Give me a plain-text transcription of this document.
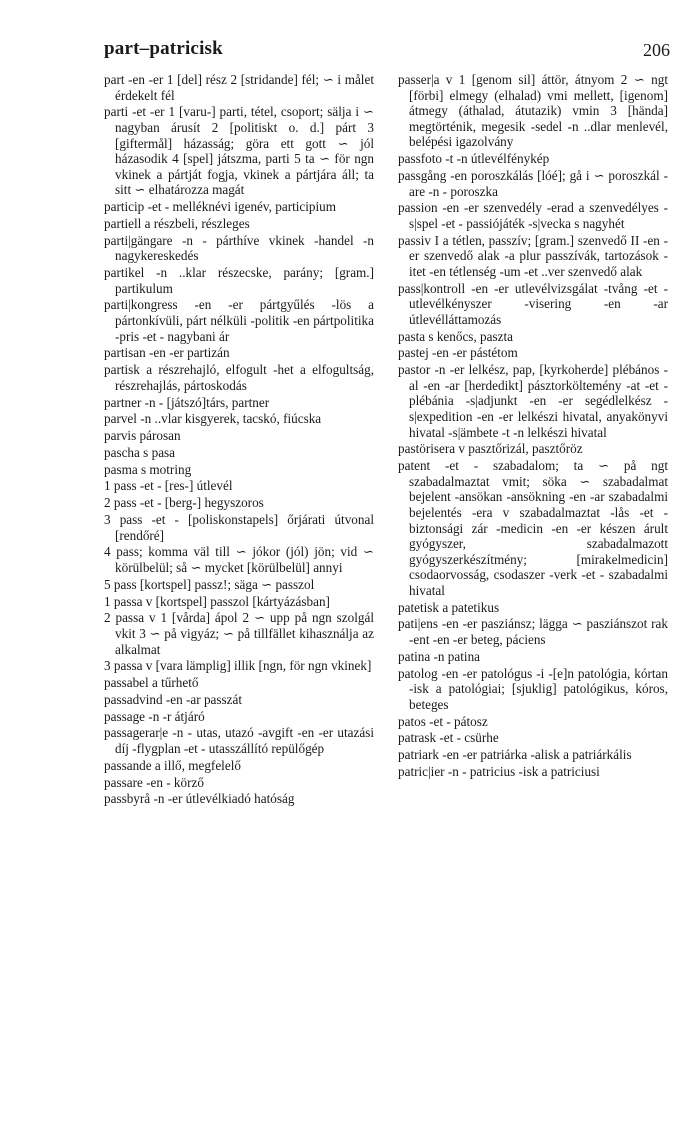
part–patricisk	206

part -en -er 1 [del] rész 2 [stridande] fél; ∽ i målet érdekelt fél

parti -et -er 1 [varu-] parti, tétel, csoport; sälja i ∽ nagyban árusít 2 [politiskt o. d.] párt 3 [giftermål] házasság; göra ett gott ∽ jól házasodik 4 [spel] játszma, parti 5 ta ∽ för ngn vkinek a pártját fogja, vkinek a pártjára áll; ta sitt ∽ elhatározza magát

particip -et - melléknévi igenév, participium

partiell a részbeli, részleges

parti|gängare -n - párthíve vkinek -handel -n nagykereskedés

partikel -n ..klar részecske, parány; [gram.] partikulum

parti|kongress -en -er pártgyűlés -lös a pártonkívüli, párt nélküli -politik -en pártpolitika -pris -et - nagybani ár

partisan -en -er partizán

partisk a részrehajló, elfogult -het a elfogultság, részrehajlás, pártoskodás

partner -n - [játszó]társ, partner

parvel -n ..vlar kisgyerek, tacskó, fiúcska

parvis párosan

pascha s pasa

pasma s motring

1 pass -et - [res-] útlevél

2 pass -et - [berg-] hegyszoros

3 pass -et - [poliskonstapels] őrjárati útvonal [rendőré]

4 pass; komma väl till ∽ jókor (jól) jön; vid ∽ körülbelül; så ∽ mycket [körülbelül] annyi

5 pass [kortspel] passz!; säga ∽ passzol

1 passa v [kortspel] passzol [kártyázásban]

2 passa v 1 [vårda] ápol 2 ∽ upp på ngn szolgál vkit 3 ∽ på vigyáz; ∽ på tillfället kihasználja az alkalmat

3 passa v [vara lämplig] illik [ngn, för ngn vkinek]

passabel a tűrhető

passadvind -en -ar passzát

passage -n -r átjáró

passagerar|e -n - utas, utazó -avgift -en -er utazási díj -flygplan -et - utasszállító repülőgép

passande a illő, megfelelő

passare -en - körző

passbyrå -n -er útlevélkiadó hatóság

passer|a v 1 [genom sil] áttör, átnyom 2 ∽ ngt [förbi] elmegy (elhalad) vmi mellett, [igenom] átmegy (áthalad, átutazik) vmin 3 [hända] megtörténik, megesik -sedel -n ..dlar menlevél, belépési igazolvány

passfoto -t -n útlevélfénykép

passgång -en poroszkálás [lóé]; gå i ∽ poroszkál -are -n - poroszka

passion -en -er szenvedély -erad a szenvedélyes -s|spel -et - passiójáték -s|vecka s nagyhét

passiv I a tétlen, passzív; [gram.] szenvedő II -en -er szenvedő alak -a plur passzívák, tartozások -itet -en tétlenség -um -et ..ver szenvedő alak

pass|kontroll -en -er utlevélvizsgálat -tvång -et - utlevélkényszer -visering -en -ar útlevélláttamozás

pasta s kenőcs, paszta

pastej -en -er pástétom

pastor -n -er lelkész, pap, [kyrkoherde] plébános -al -en -ar [herdedikt] pásztorköltemény -at -et - plébánia -s|adjunkt -en -er segédlelkész -s|expedition -en -er lelkészi hivatal, anyakönyvi hivatal -s|ämbete -t -n lelkészi hivatal

pastörisera v pasztőrizál, pasztőröz

patent -et - szabadalom; ta ∽ på ngt szabadalmaztat vmit; söka ∽ szabadalmat bejelent -ansökan -ansökning -en -ar szabadalmi bejelentés -era v szabadalmaztat -lås -et - biztonsági zár -medicin -en -er készen árult gyógyszer, szabadalmazott gyógyszerkészítmény; [mirakelmedicin] csodaorvosság, csodaszer -verk -et - szabadalmi hivatal

patetisk a patetikus

pati|ens -en -er pasziánsz; lägga ∽ pasziánszot rak -ent -en -er beteg, páciens

patina -n patina

patolog -en -er patológus -i -[e]n patológia, kórtan -isk a patológiai; [sjuklig] patológikus, kóros, beteges

patos -et - pátosz

patrask -et - csürhe

patriark -en -er patriárka -alisk a patriárkális

patric|ier -n - patricius -isk a patriciusi
